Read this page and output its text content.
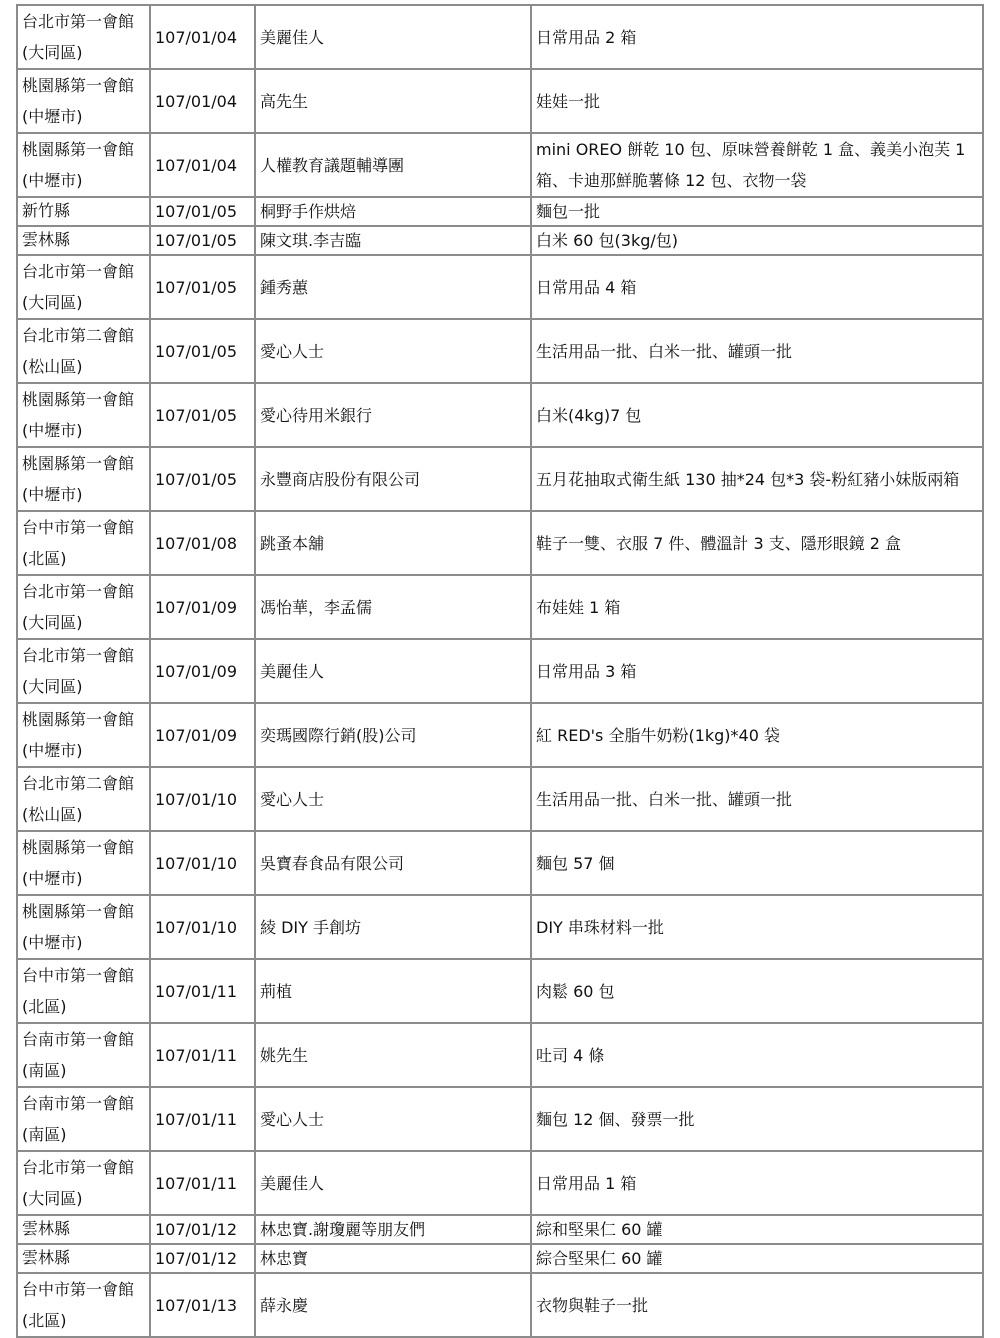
台北市第一會館
(大同區)	107/01/04	美麗佳人	日常用品 2 箱
桃園縣第一會館
(中壢市)	107/01/04	高先生	娃娃一批
桃園縣第一會館
(中壢市)	107/01/04	人權教育議題輔導團	mini OREO 餅乾 10 包、原味營養餅乾 1 盒、義美小泡芙 1
箱、卡迪那鮮脆薯條 12 包、衣物一袋
新竹縣	107/01/05	桐野手作烘焙	麵包一批
雲林縣	107/01/05	陳文琪.李吉臨	白米 60 包(3kg/包)
台北市第一會館
(大同區)	107/01/05	鍾秀蕙	日常用品 4 箱
台北市第二會館
(松山區)	107/01/05	愛心人士	生活用品一批、白米一批、罐頭一批
桃園縣第一會館
(中壢市)	107/01/05	愛心待用米銀行	白米(4kg)7 包
桃園縣第一會館
(中壢市)	107/01/05	永豐商店股份有限公司	五月花抽取式衛生紙 130 抽*24 包*3 袋-粉紅豬小妹版兩箱
台中市第一會館
(北區)	107/01/08	跳蚤本舖	鞋子一雙、衣服 7 件、體溫計 3 支、隱形眼鏡 2 盒
台北市第一會館
(大同區)	107/01/09	馮怡華，李孟儒	布娃娃 1 箱
台北市第一會館
(大同區)	107/01/09	美麗佳人	日常用品 3 箱
桃園縣第一會館
(中壢市)	107/01/09	奕瑪國際行銷(股)公司	紅 RED's 全脂牛奶粉(1kg)*40 袋
台北市第二會館
(松山區)	107/01/10	愛心人士	生活用品一批、白米一批、罐頭一批
桃園縣第一會館
(中壢市)	107/01/10	吳寶春食品有限公司	麵包 57 個
桃園縣第一會館
(中壢市)	107/01/10	綾 DIY 手創坊	DIY 串珠材料一批
台中市第一會館
(北區)	107/01/11	荊植	肉鬆 60 包
台南市第一會館
(南區)	107/01/11	姚先生	吐司 4 條
台南市第一會館
(南區)	107/01/11	愛心人士	麵包 12 個、發票一批
台北市第一會館
(大同區)	107/01/11	美麗佳人	日常用品 1 箱
雲林縣	107/01/12	林忠寶.謝瓊麗等朋友們	綜和堅果仁 60 罐
雲林縣	107/01/12	林忠寶	綜合堅果仁 60 罐
台中市第一會館
(北區)	107/01/13	薛永慶	衣物與鞋子一批
